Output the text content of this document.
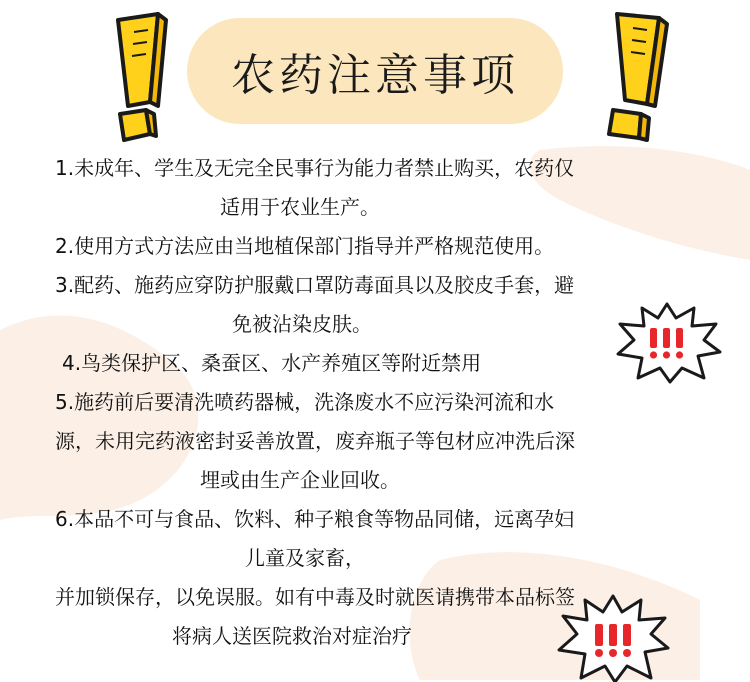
农药注意事项
1.未成年、学生及无完全民事行为能力者禁止购买，农药仅
适用于农业生产。
2.使用方式方法应由当地植保部门指导并严格规范使用。
3.配药、施药应穿防护服戴口罩防毒面具以及胶皮手套，避
免被沾染皮肤。
4.鸟类保护区、桑蚕区、水产养殖区等附近禁用
5.施药前后要清洗喷药器械，洗涤废水不应污染河流和水
源，未用完药液密封妥善放置，废弃瓶子等包材应冲洗后深
埋或由生产企业回收。
6.本品不可与食品、饮料、种子粮食等物品同储，远离孕妇
儿童及家畜，
并加锁保存，以免误服。如有中毒及时就医请携带本品标签
将病人送医院救治对症治疗
